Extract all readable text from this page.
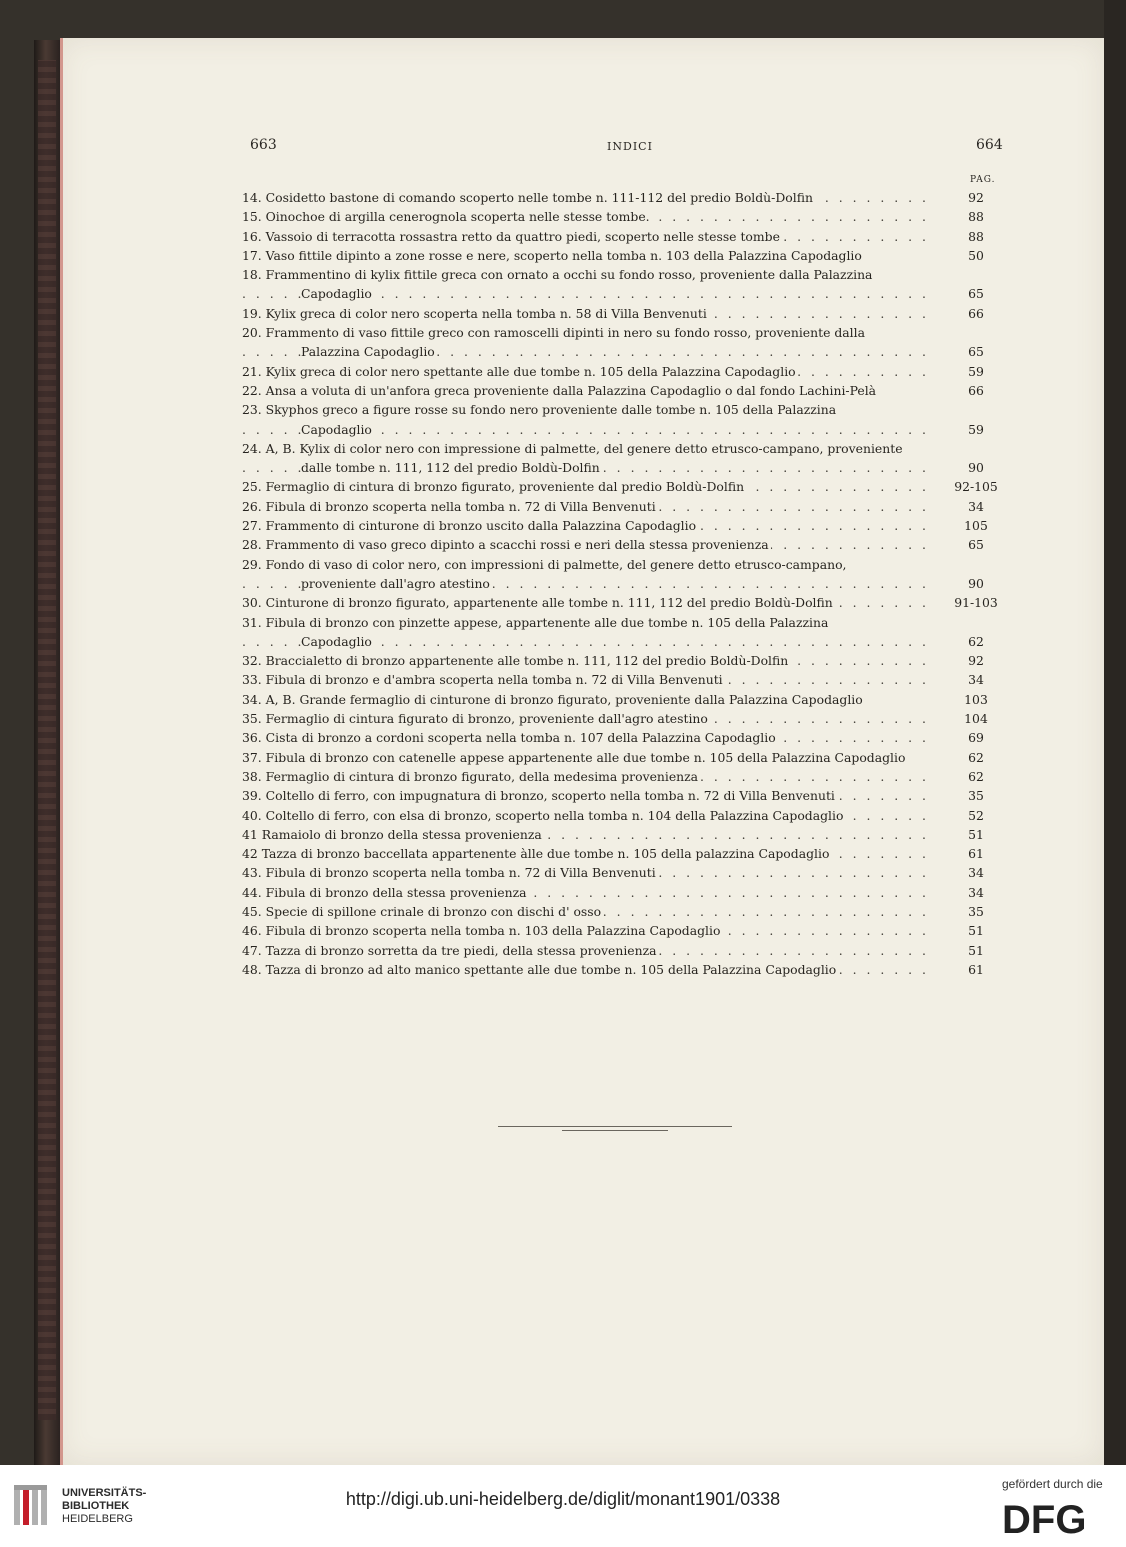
663	INDICI	664
PAG.
. . . 14. Cosidetto bastone di comando scoperto nelle tombe n. 111-112 del predio Boldù-Dolfin	92
. . . 15. Oinochoe di argilla cenerognola scoperta nelle stesse tombe.	88
. . . 16. Vassoio di terracotta rossastra retto da quattro piedi, scoperto nelle stesse tombe	88
17. Vaso fittile dipinto a zone rosse e nere, scoperto nella tomba n. 103 della Palazzina Capodaglio	50
18. Frammentino di kylix fittile greca con ornato a occhi su fondo rosso, proveniente dalla Palazzina
. . . Capodaglio	65
. . . 19. Kylix greca di color nero scoperta nella tomba n. 58 di Villa Benvenuti	66
20. Frammento di vaso fittile greco con ramoscelli dipinti in nero su fondo rosso, proveniente dalla
. . . Palazzina Capodaglio	65
. . . 21. Kylix greca di color nero spettante alle due tombe n. 105 della Palazzina Capodaglio	59
22. Ansa a voluta di un'anfora greca proveniente dalla Palazzina Capodaglio o dal fondo Lachini-Pelà	66
23. Skyphos greco a figure rosse su fondo nero proveniente dalle tombe n. 105 della Palazzina
. . . Capodaglio	59
24. A, B. Kylix di color nero con impressione di palmette, del genere detto etrusco-campano, proveniente
. . . dalle tombe n. 111, 112 del predio Boldù-Dolfin	90
. . . 25. Fermaglio di cintura di bronzo figurato, proveniente dal predio Boldù-Dolfin	92-105
. . . 26. Fibula di bronzo scoperta nella tomba n. 72 di Villa Benvenuti	34
. . . 27. Frammento di cinturone di bronzo uscito dalla Palazzina Capodaglio	105
. . . 28. Frammento di vaso greco dipinto a scacchi rossi e neri della stessa provenienza	65
29. Fondo di vaso di color nero, con impressioni di palmette, del genere detto etrusco-campano,
. . . proveniente dall'agro atestino	90
. . . 30. Cinturone di bronzo figurato, appartenente alle tombe n. 111, 112 del predio Boldù-Dolfin	91-103
31. Fibula di bronzo con pinzette appese, appartenente alle due tombe n. 105 della Palazzina
. . . Capodaglio	62
. . . 32. Braccialetto di bronzo appartenente alle tombe n. 111, 112 del predio Boldù-Dolfin	92
. . . 33. Fibula di bronzo e d'ambra scoperta nella tomba n. 72 di Villa Benvenuti	34
34. A, B. Grande fermaglio di cinturone di bronzo figurato, proveniente dalla Palazzina Capodaglio	103
. . . 35. Fermaglio di cintura figurato di bronzo, proveniente dall'agro atestino	104
. . . 36. Cista di bronzo a cordoni scoperta nella tomba n. 107 della Palazzina Capodaglio	69
37. Fibula di bronzo con catenelle appese appartenente alle due tombe n. 105 della Palazzina Capodaglio	62
. . . 38. Fermaglio di cintura di bronzo figurato, della medesima provenienza	62
. . . 39. Coltello di ferro, con impugnatura di bronzo, scoperto nella tomba n. 72 di Villa Benvenuti	35
. . . 40. Coltello di ferro, con elsa di bronzo, scoperto nella tomba n. 104 della Palazzina Capodaglio	52
. . . 41 Ramaiolo di bronzo della stessa provenienza	51
. . . 42 Tazza di bronzo baccellata appartenente àlle due tombe n. 105 della palazzina Capodaglio	61
. . . 43. Fibula di bronzo scoperta nella tomba n. 72 di Villa Benvenuti	34
. . . 44. Fibula di bronzo della stessa provenienza	34
. . . 45. Specie di spillone crinale di bronzo con dischi d' osso	35
. . . 46. Fibula di bronzo scoperta nella tomba n. 103 della Palazzina Capodaglio	51
. . . 47. Tazza di bronzo sorretta da tre piedi, della stessa provenienza	51
. . . 48. Tazza di bronzo ad alto manico spettante alle due tombe n. 105 della Palazzina Capodaglio	61
UNIVERSITÄTS-
BIBLIOTHEK
HEIDELBERG
http://digi.ub.uni-heidelberg.de/diglit/monant1901/0338
gefördert durch die
DFG
